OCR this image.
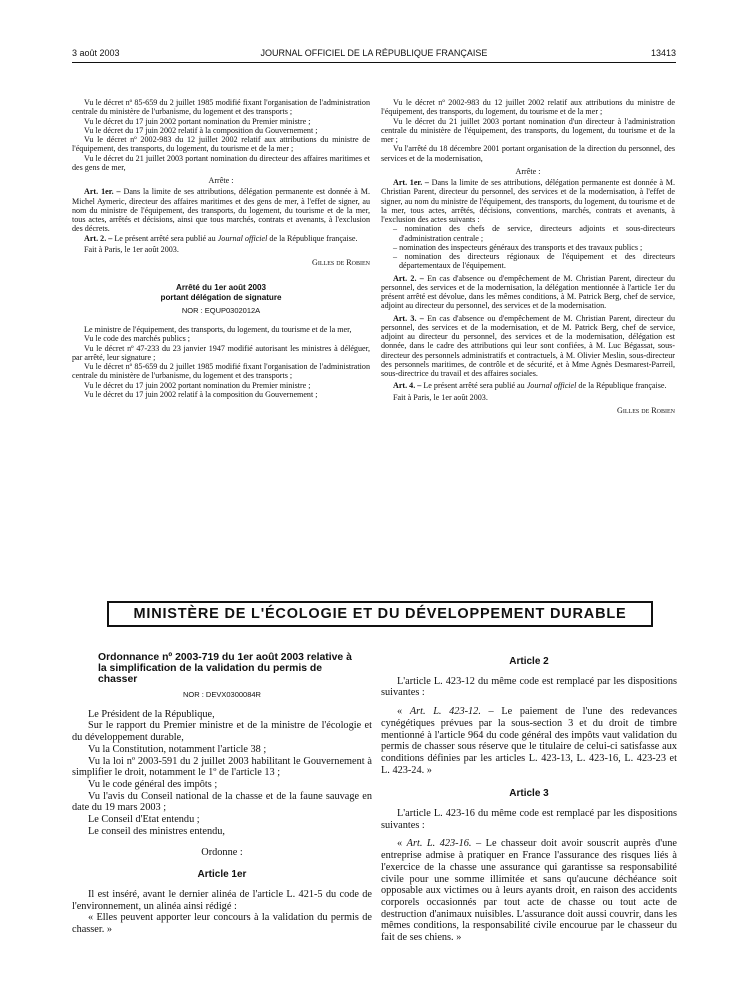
3 août 2003	JOURNAL OFFICIEL DE LA RÉPUBLIQUE FRANÇAISE	13413

Vu le décret nº 85-659 du 2 juillet 1985 modifié fixant l'organisation de l'administration centrale du ministère de l'urbanisme, du logement et des transports ;

Vu le décret du 17 juin 2002 portant nomination du Premier ministre ;

Vu le décret du 17 juin 2002 relatif à la composition du Gouvernement ;

Vu le décret nº 2002-983 du 12 juillet 2002 relatif aux attributions du ministre de l'équipement, des transports, du logement, du tourisme et de la mer ;

Vu le décret du 21 juillet 2003 portant nomination du directeur des affaires maritimes et des gens de mer,

Arrête :

Art. 1er. – Dans la limite de ses attributions, délégation permanente est donnée à M. Michel Aymeric, directeur des affaires maritimes et des gens de mer, à l'effet de signer, au nom du ministre de l'équipement, des transports, du logement, du tourisme et de la mer, tous actes, arrêtés et décisions, ainsi que tous marchés, contrats et avenants, à l'exclusion des décrets.

Art. 2. – Le présent arrêté sera publié au Journal officiel de la République française.

Fait à Paris, le 1er août 2003.

Gilles de Robien

Arrêté du 1er août 2003

portant délégation de signature

NOR : EQUP0302012A

Le ministre de l'équipement, des transports, du logement, du tourisme et de la mer,

Vu le code des marchés publics ;

Vu le décret nº 47-233 du 23 janvier 1947 modifié autorisant les ministres à déléguer, par arrêté, leur signature ;

Vu le décret nº 85-659 du 2 juillet 1985 modifié fixant l'organisation de l'administration centrale du ministère de l'urbanisme, du logement et des transports ;

Vu le décret du 17 juin 2002 portant nomination du Premier ministre ;

Vu le décret du 17 juin 2002 relatif à la composition du Gouvernement ;

Vu le décret nº 2002-983 du 12 juillet 2002 relatif aux attributions du ministre de l'équipement, des transports, du logement, du tourisme et de la mer ;

Vu le décret du 21 juillet 2003 portant nomination d'un directeur à l'administration centrale du ministère de l'équipement, des transports, du logement, du tourisme et de la mer ;

Vu l'arrêté du 18 décembre 2001 portant organisation de la direction du personnel, des services et de la modernisation,

Arrête :

Art. 1er. – Dans la limite de ses attributions, délégation permanente est donnée à M. Christian Parent, directeur du personnel, des services et de la modernisation, à l'effet de signer, au nom du ministre de l'équipement, des transports, du logement, du tourisme et de la mer, tous actes, arrêtés, décisions, conventions, marchés, contrats et avenants, à l'exclusion des actes suivants :

– nomination des chefs de service, directeurs adjoints et sous-directeurs d'administration centrale ;
– nomination des inspecteurs généraux des transports et des travaux publics ;
– nomination des directeurs régionaux de l'équipement et des directeurs départementaux de l'équipement.

Art. 2. – En cas d'absence ou d'empêchement de M. Christian Parent, directeur du personnel, des services et de la modernisation, la délégation mentionnée à l'article 1er du présent arrêté est dévolue, dans les mêmes conditions, à M. Patrick Berg, chef de service, adjoint au directeur du personnel, des services et de la modernisation.

Art. 3. – En cas d'absence ou d'empêchement de M. Christian Parent, directeur du personnel, des services et de la modernisation, et de M. Patrick Berg, chef de service, adjoint au directeur du personnel, des services et de la modernisation, délégation est donnée, dans le cadre des attributions qui leur sont confiées, à M. Luc Bégassat, sous-directeur des personnels administratifs et contractuels, à M. Olivier Meslin, sous-directeur des personnels maritimes, de contrôle et de sécurité, et à Mme Agnès Desmarest-Parreil, sous-directrice du travail et des affaires sociales.

Art. 4. – Le présent arrêté sera publié au Journal officiel de la République française.

Fait à Paris, le 1er août 2003.

Gilles de Robien

MINISTÈRE DE L'ÉCOLOGIE ET DU DÉVELOPPEMENT DURABLE

Ordonnance nº 2003-719 du 1er août 2003 relative à la simplification de la validation du permis de chasser

NOR : DEVX0300084R

Le Président de la République,

Sur le rapport du Premier ministre et de la ministre de l'écologie et du développement durable,

Vu la Constitution, notamment l'article 38 ;

Vu la loi nº 2003-591 du 2 juillet 2003 habilitant le Gouvernement à simplifier le droit, notamment le 1º de l'article 13 ;

Vu le code général des impôts ;

Vu l'avis du Conseil national de la chasse et de la faune sauvage en date du 19 mars 2003 ;

Le Conseil d'Etat entendu ;

Le conseil des ministres entendu,

Ordonne :

Article 1er

Il est inséré, avant le dernier alinéa de l'article L. 421-5 du code de l'environnement, un alinéa ainsi rédigé :

« Elles peuvent apporter leur concours à la validation du permis de chasser. »

Article 2

L'article L. 423-12 du même code est remplacé par les dispositions suivantes :

« Art. L. 423-12. – Le paiement de l'une des redevances cynégétiques prévues par la sous-section 3 et du droit de timbre mentionné à l'article 964 du code général des impôts vaut validation du permis de chasser sous réserve que le titulaire de celui-ci satisfasse aux conditions définies par les articles L. 423-13, L. 423-16, L. 423-23 et L. 423-24. »

Article 3

L'article L. 423-16 du même code est remplacé par les dispositions suivantes :

« Art. L. 423-16. – Le chasseur doit avoir souscrit auprès d'une entreprise admise à pratiquer en France l'assurance des risques liés à l'exercice de la chasse une assurance qui garantisse sa responsabilité civile pour une somme illimitée et sans qu'aucune déchéance soit opposable aux victimes ou à leurs ayants droit, en raison des accidents corporels occasionnés par tout acte de chasse ou tout acte de destruction d'animaux nuisibles. L'assurance doit aussi couvrir, dans les mêmes conditions, la responsabilité civile encourue par le chasseur du fait de ses chiens. »
